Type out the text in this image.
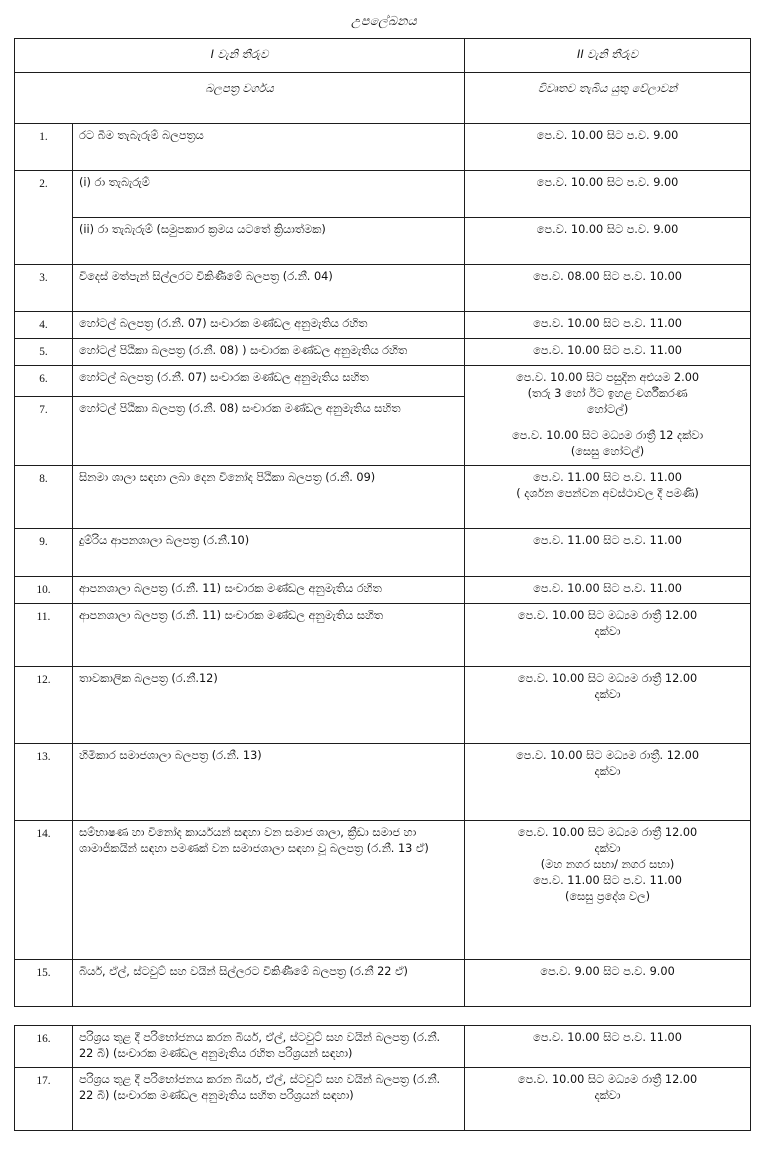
උපලේඛනය
I වැනි තීරුව		II වැනි තීරුව
බලපත්‍ර වර්ගය		විවෘතව තැබිය යුතු වේලාවන්
1.	රට බීම තැබැරුම් බලපත්‍රය	පෙ.ව. 10.00 සිට ප.ව. 9.00

2.	(i) රා තැබැරුම්	පෙ.ව. 10.00 සිට ප.ව. 9.00

	(ii) රා තැබැරුම් (සමුපකාර ක්‍රමය යටතේ ක්‍රියාත්මක)	පෙ.ව. 10.00 සිට ප.ව. 9.00

3.	විදෙස් මත්පැන් සිල්ලරට විකිණීමේ බලපත්‍ර (ර.නී. 04)	පෙ.ව. 08.00 සිට ප.ව. 10.00

4.	හෝටල් බලපත්‍ර (ර.නී. 07) සංචාරක මණ්ඩල අනුමැතිය රහිත	පෙ.ව. 10.00 සිට ප.ව. 11.00

5.	හෝටල් පිඨිකා බලපත්‍ර (ර.නී. 08) ) සංචාරක මණ්ඩල අනුමැතිය රහිත	පෙ.ව. 10.00 සිට ප.ව. 11.00

6.	හෝටල් බලපත්‍ර (ර.නී. 07) සංචාරක මණ්ඩල අනුමැතිය සහිත	පෙ.ව. 10.00 සිට පසුදින අළුයම 2.00
(තරු 3 හෝ ඊට ඉහළ වර්ගීකරණ
හෝටල්)
පෙ.ව. 10.00 සිට මධ්‍යම රාත්‍රී 12 දක්වා
(සෙසු හෝටල්)

7.	හෝටල් පිඨිකා බලපත්‍ර (ර.නී. 08) සංචාරක මණ්ඩල අනුමැතිය සහිත	
8.	සිනමා ශාලා සඳහා ලබා දෙන විනෝද පිඨිකා බලපත්‍ර (ර.නී. 09)	පෙ.ව. 11.00 සිට ප.ව. 11.00
( දර්ශන පෙන්වන අවස්ථාවල දී පමණි)

9.	දුම්රිය ආපනශාලා බලපත්‍ර (ර.නී.10)	පෙ.ව. 11.00 සිට ප.ව. 11.00

10.	ආපනශාලා බලපත්‍ර (ර.නී. 11) සංචාරක මණ්ඩල අනුමැතිය රහිත	පෙ.ව. 10.00 සිට ප.ව. 11.00

11.	ආපනශාලා බලපත්‍ර (ර.නී. 11) සංචාරක මණ්ඩල අනුමැතිය සහිත	පෙ.ව. 10.00 සිට මධ්‍යම රාත්‍රී 12.00
දක්වා

12.	තාවකාලික බලපත්‍ර (ර.නී.12)	පෙ.ව. 10.00 සිට මධ්‍යම රාත්‍රී 12.00
දක්වා

13.	හිමිකාර සමාජශාලා බලපත්‍ර (ර.නී. 13)	පෙ.ව. 10.00 සිට මධ්‍යම රාත්‍රී. 12.00
දක්වා

14.	සම්භාෂණ හා විනෝද කාර්යයන් සඳහා වන සමාජ ශාලා, ක්‍රීඩා සමාජ හා ශාමාජිකයින් සඳහා පමණක් වන සමාජශාලා සඳහා වූ බලපත්‍ර (ර.නී. 13 ඒ)	පෙ.ව. 10.00 සිට මධ්‍යම රාත්‍රී 12.00
දක්වා
(මහ නගර සභා/ නගර සභා)
පෙ.ව. 11.00 සිට ප.ව. 11.00
(සෙසු ප්‍රදේශ වල)

15.	බියර්, ඒල්, ස්ටවුට් සහ වයින් සිල්ලරට විකිණීමේ බලපත්‍ර (ර.නී 22 ඒ)	පෙ.ව. 9.00 සිට ප.ව. 9.00
16.	පරිශ්‍රය තුළ දී පරිභෝජනය කරන බියර්, ඒල්, ස්ටවුට් සහ වයින් බලපත්‍ර (ර.නී. 22 බී) (සංචාරක මණ්ඩල අනුමැතිය රහිත පරිශ්‍රයන් සඳහා)	පෙ.ව. 10.00 සිට ප.ව. 11.00

17.	පරිශ්‍රය තුළ දී පරිභෝජනය කරන බියර්, ඒල්, ස්ටවුට් සහ වයින් බලපත්‍ර (ර.නී. 22 බී) (සංචාරක මණ්ඩල අනුමැතිය සහිත පරිශ්‍රයන් සඳහා)	පෙ.ව. 10.00 සිට මධ්‍යම රාත්‍රී 12.00
දක්වා
